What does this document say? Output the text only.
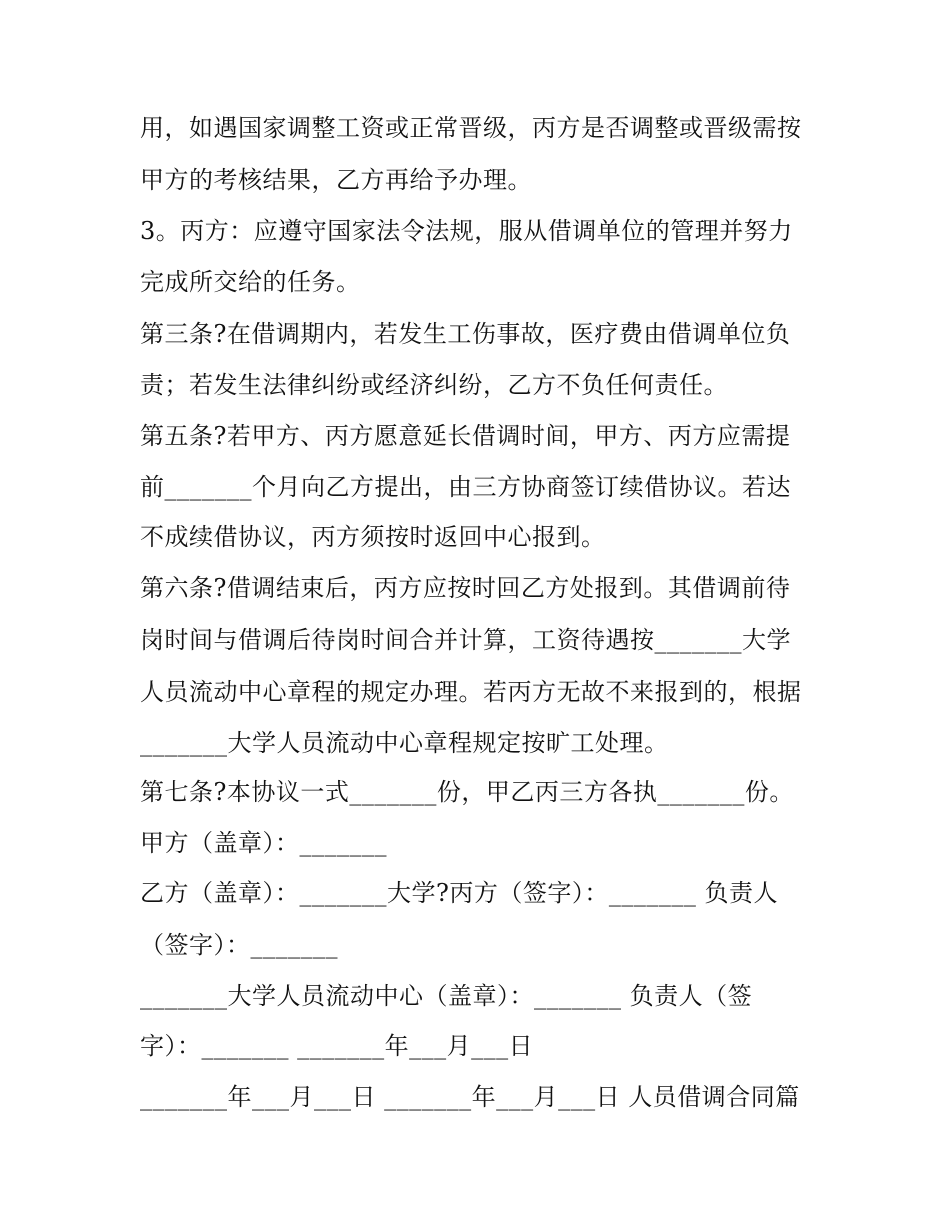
用，如遇国家调整工资或正常晋级，丙方是否调整或晋级需按
甲方的考核结果，乙方再给予办理。
3。丙方：应遵守国家法令法规，服从借调单位的管理并努力
完成所交给的任务。
第三条?在借调期内，若发生工伤事故，医疗费由借调单位负
责；若发生法律纠纷或经济纠纷，乙方不负任何责任。
第五条?若甲方、丙方愿意延长借调时间，甲方、丙方应需提
前_______个月向乙方提出，由三方协商签订续借协议。若达
不成续借协议，丙方须按时返回中心报到。
第六条?借调结束后，丙方应按时回乙方处报到。其借调前待
岗时间与借调后待岗时间合并计算，工资待遇按_______大学
人员流动中心章程的规定办理。若丙方无故不来报到的，根据
_______大学人员流动中心章程规定按旷工处理。
第七条?本协议一式_______份，甲乙丙三方各执_______份。
甲方（盖章）：_______
乙方（盖章）：_______大学?丙方（签字）：_______ 负责人
（签字）：_______
_______大学人员流动中心（盖章）：_______ 负责人（签
字）：_______ _______年___月___日
_______年___月___日 _______年___月___日 人员借调合同篇
